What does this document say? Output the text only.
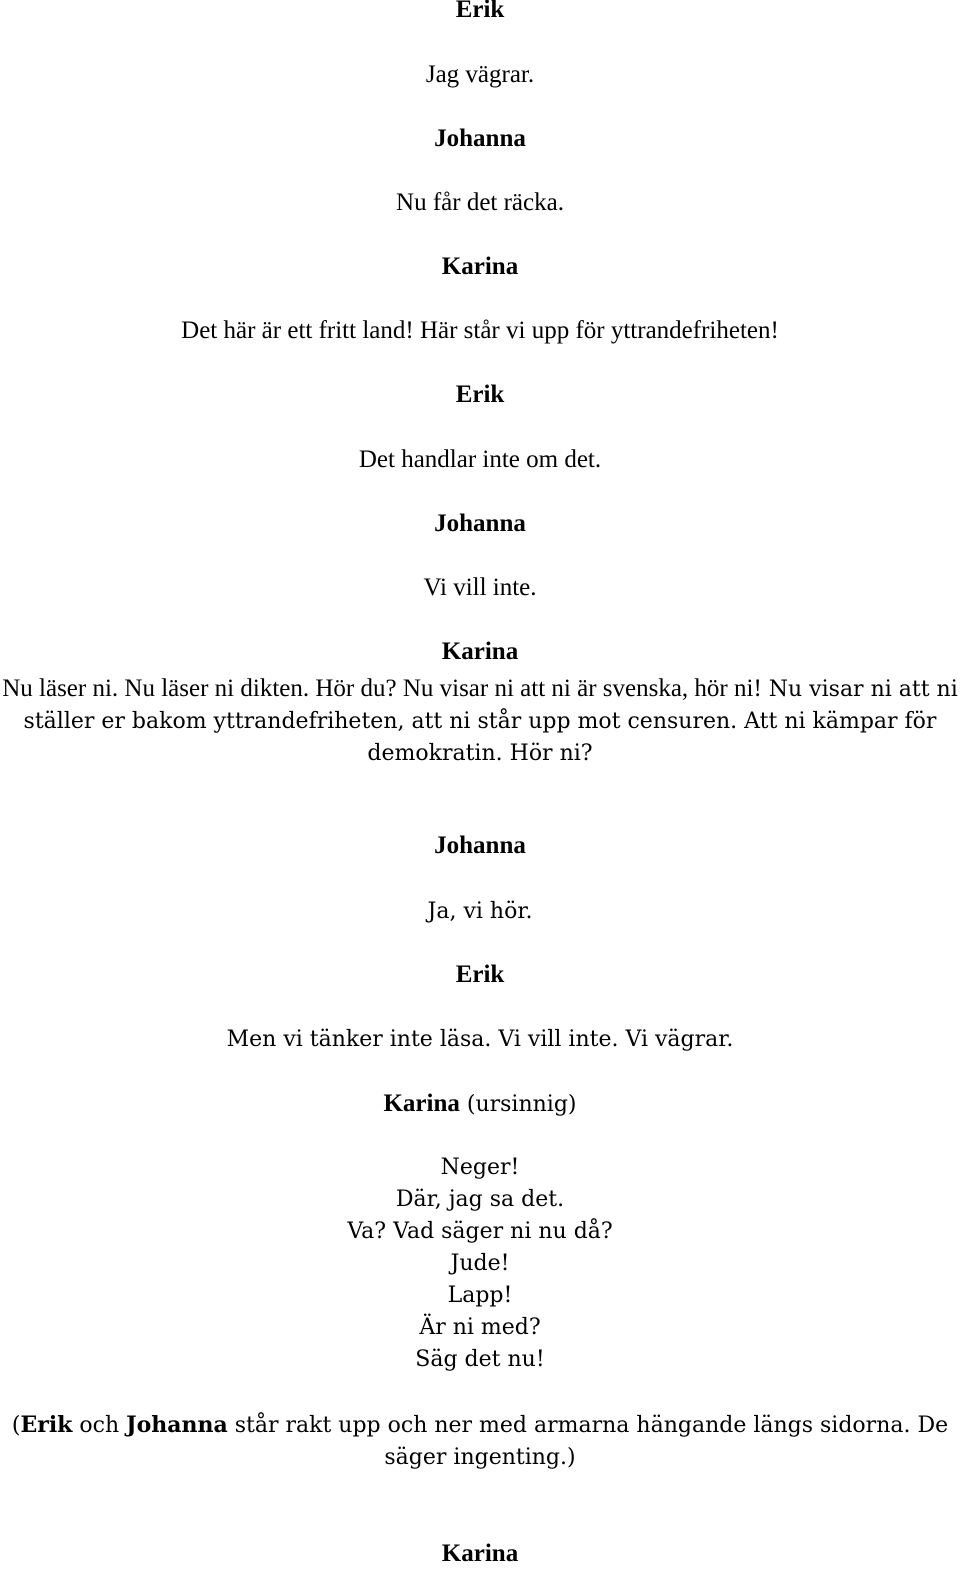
Erik
Jag vägrar.
Johanna
Nu får det räcka.
Karina
Det här är ett fritt land! Här står vi upp för yttrandefriheten!
Erik
Det handlar inte om det.
Johanna
Vi vill inte.
Karina
Nu läser ni. Nu läser ni dikten. Hör du? Nu visar ni att ni är svenska, hör ni! Nu visar ni att ni ställer er bakom yttrandefriheten, att ni står upp mot censuren. Att ni kämpar för demokratin. Hör ni?
Johanna
Ja, vi hör.
Erik
Men vi tänker inte läsa. Vi vill inte. Vi vägrar.
Karina (ursinnig)
Neger!
Där, jag sa det.
Va? Vad säger ni nu då?
Jude!
Lapp!
Är ni med?
Säg det nu!
(Erik och Johanna står rakt upp och ner med armarna hängande längs sidorna. De säger ingenting.)
Karina
